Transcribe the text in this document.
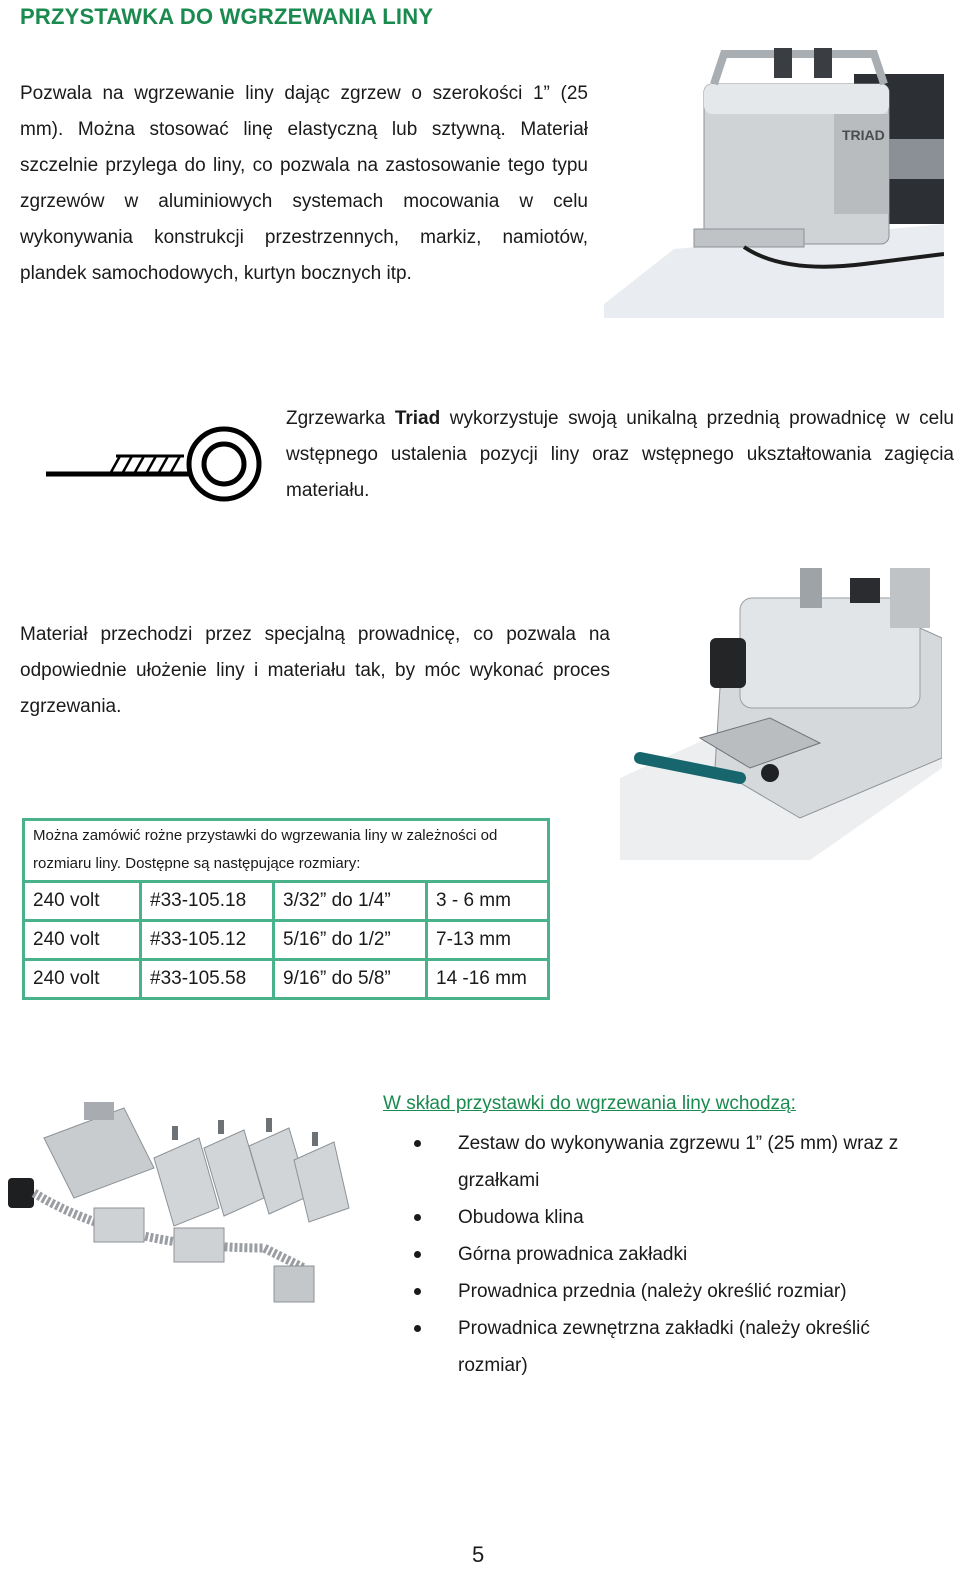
PRZYSTAWKA DO WGRZEWANIA LINY
Pozwala na wgrzewanie liny dając zgrzew o szerokości 1” (25 mm). Można stosować linę elastyczną lub sztywną. Materiał szczelnie przylega do liny, co pozwala na zastosowanie tego typu zgrzewów w aluminiowych systemach mocowania w celu wykonywania konstrukcji przestrzennych, markiz, namiotów, plandek samochodowych, kurtyn bocznych itp.
TRIAD
Zgrzewarka Triad wykorzystuje swoją unikalną przednią prowadnicę w celu wstępnego ustalenia pozycji liny oraz wstępnego ukształtowania zagięcia materiału.
Materiał przechodzi przez specjalną prowadnicę, co pozwala na odpowiednie ułożenie liny i materiału tak, by móc wykonać proces zgrzewania.
Można zamówić rożne przystawki do wgrzewania liny w zależności od rozmiaru liny. Dostępne są następujące rozmiary:
240 volt	#33-105.18	3/32” do 1/4”	3 - 6 mm
240 volt	#33-105.12	5/16” do 1/2”	7-13 mm
240 volt	#33-105.58	9/16” do 5/8”	14 -16 mm
W skład przystawki do wgrzewania liny wchodzą:
Zestaw do wykonywania zgrzewu 1” (25 mm) wraz z grzałkami
Obudowa klina
Górna prowadnica zakładki
Prowadnica przednia (należy określić rozmiar)
Prowadnica zewnętrzna zakładki (należy określić rozmiar)
5
